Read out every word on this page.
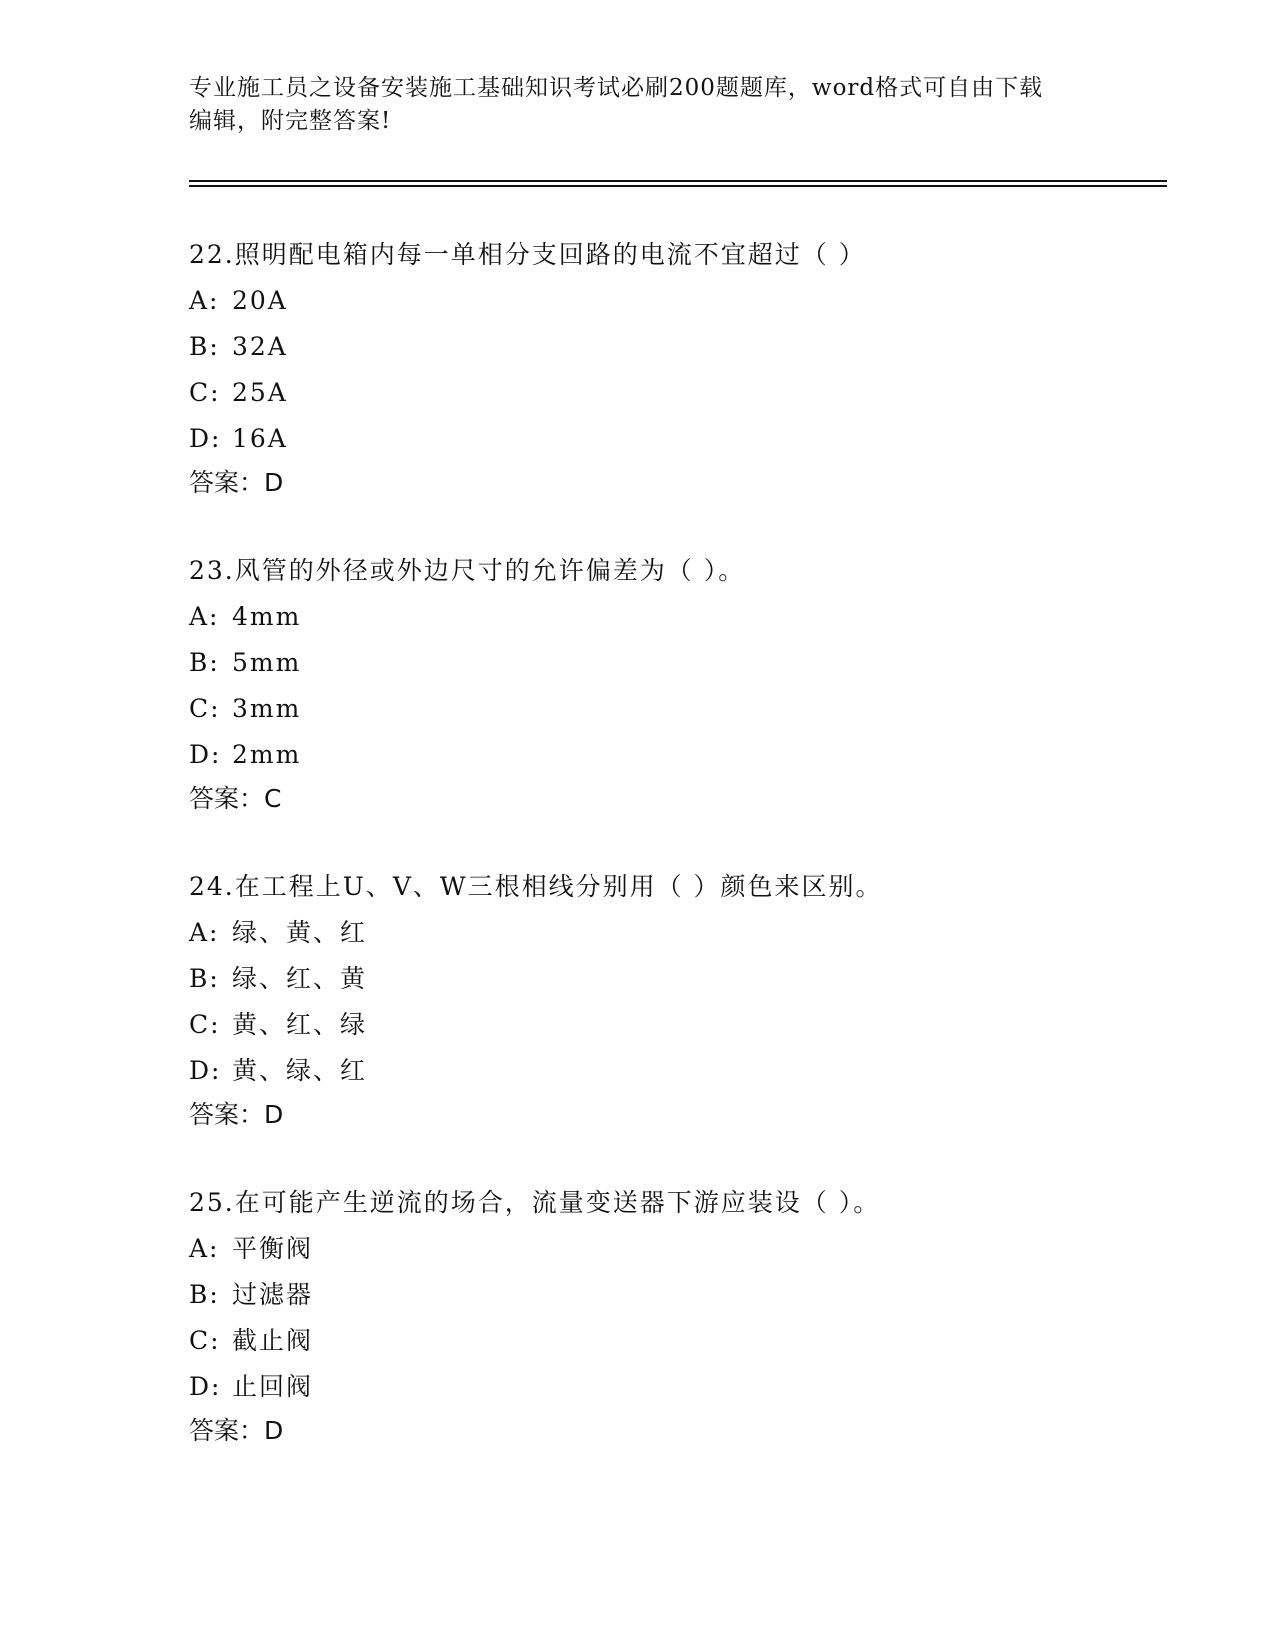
专业施工员之设备安装施工基础知识考试必刷200题题库，word格式可自由下载
编辑，附完整答案!
22.照明配电箱内每一单相分支回路的电流不宜超过（ ）
A: 20A
B: 32A
C: 25A
D: 16A
答案：D
23.风管的外径或外边尺寸的允许偏差为（ ）。
A: 4mm
B: 5mm
C: 3mm
D: 2mm
答案：C
24.在工程上U、V、W三根相线分别用（ ）颜色来区别。
A: 绿、黄、红
B: 绿、红、黄
C: 黄、红、绿
D: 黄、绿、红
答案：D
25.在可能产生逆流的场合，流量变送器下游应装设（ ）。
A: 平衡阀
B: 过滤器
C: 截止阀
D: 止回阀
答案：D
